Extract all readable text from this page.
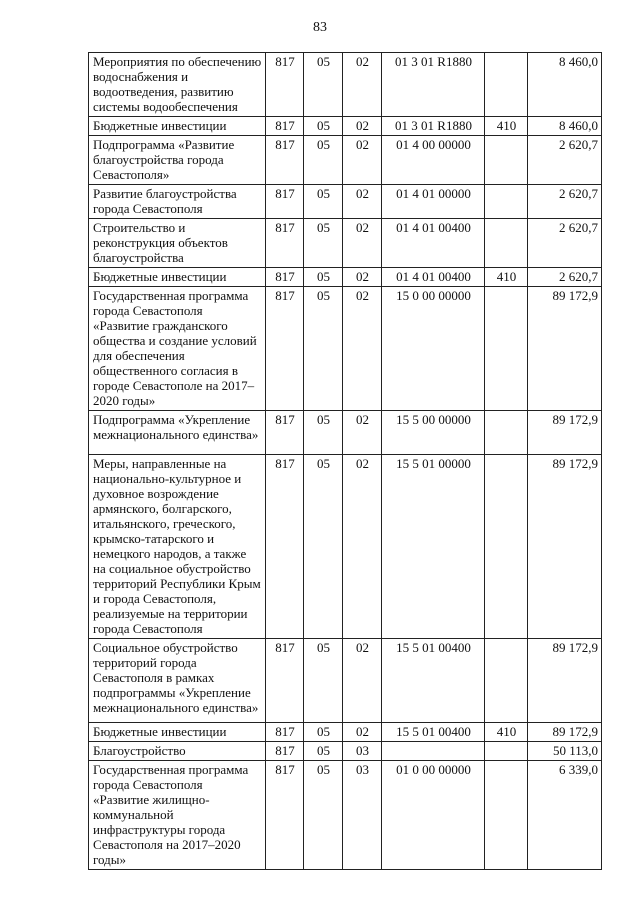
83
Мероприятия по обеспечению водоснабжения и водоотведения, развитию системы водообеспечения	817	05	02	01 3 01 R1880		8 460,0
Бюджетные инвестиции	817	05	02	01 3 01 R1880	410	8 460,0
Подпрограмма «Развитие благоустройства города Севастополя»	817	05	02	01 4 00 00000		2 620,7
Развитие благоустройства города Севастополя	817	05	02	01 4 01 00000		2 620,7
Строительство и реконструкция объектов благоустройства	817	05	02	01 4 01 00400		2 620,7
Бюджетные инвестиции	817	05	02	01 4 01 00400	410	2 620,7
Государственная программа города Севастополя «Развитие гражданского общества и создание условий для обеспечения общественного согласия в городе Севастополе на 2017–2020 годы»	817	05	02	15 0 00 00000		89 172,9
Подпрограмма «Укрепление межнационального единства»	817	05	02	15 5 00 00000		89 172,9
Меры, направленные на национально-культурное и духовное возрождение армянского, болгарского, итальянского, греческого, крымско-татарского и немецкого народов, а также на социальное обустройство территорий Республики Крым и города Севастополя, реализуемые на территории города Севастополя	817	05	02	15 5 01 00000		89 172,9
Социальное обустройство территорий города Севастополя в рамках подпрограммы «Укрепление межнационального единства»	817	05	02	15 5 01 00400		89 172,9
Бюджетные инвестиции	817	05	02	15 5 01 00400	410	89 172,9
Благоустройство	817	05	03			50 113,0
Государственная программа города Севастополя «Развитие жилищно-коммунальной инфраструктуры города Севастополя на 2017–2020 годы»	817	05	03	01 0 00 00000		6 339,0
